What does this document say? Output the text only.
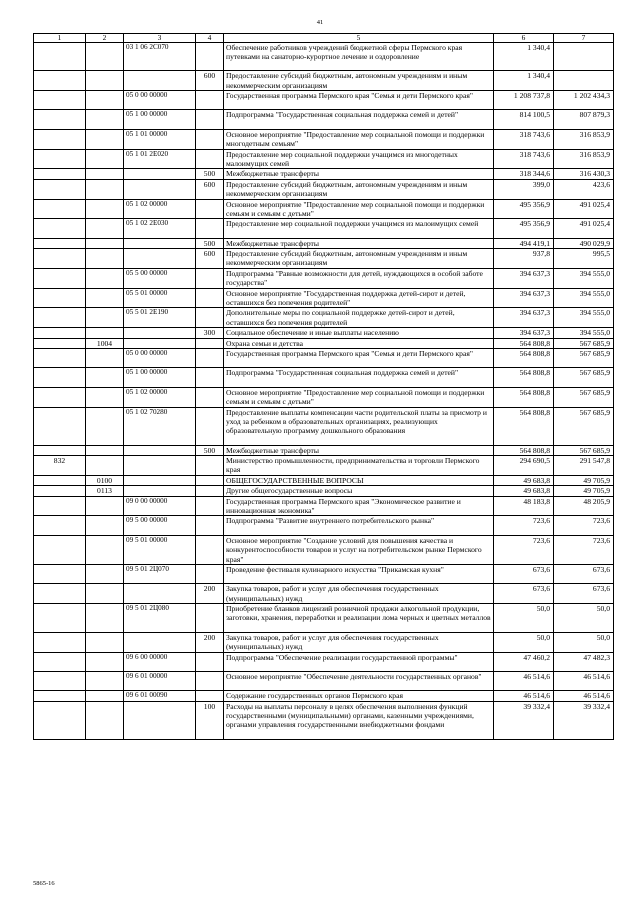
41
1	2	3	4	5	6	7
		03 1 06 2C070		Обеспечение работников учреждений бюджетной сферы Пермского края путевками на санаторно-курортное лечение и оздоровление	1 340,4	
			600	Предоставление субсидий бюджетным, автономным учреждениям и иным некоммерческим организациям	1 340,4	
		05 0 00 00000		Государственная программа Пермского края "Семья и дети Пермского края"	1 208 737,8	1 202 434,3
		05 1 00 00000		Подпрограмма "Государственная социальная поддержка семей и детей"	814 100,5	807 879,3
		05 1 01 00000		Основное мероприятие "Предоставление мер социальной помощи и поддержки многодетным семьям"	318 743,6	316 853,9
		05 1 01 2E020		Предоставление мер социальной поддержки учащимся из многодетных малоимущих семей	318 743,6	316 853,9
			500	Межбюджетные трансферты	318 344,6	316 430,3
			600	Предоставление субсидий бюджетным, автономным учреждениям и иным некоммерческим организациям	399,0	423,6
		05 1 02 00000		Основное мероприятие "Предоставление мер социальной помощи и поддержки семьям и семьям с детьми"	495 356,9	491 025,4
		05 1 02 2E030		Предоставление мер социальной поддержки учащимся из малоимущих семей	495 356,9	491 025,4
			500	Межбюджетные трансферты	494 419,1	490 029,9
			600	Предоставление субсидий бюджетным, автономным учреждениям и иным некоммерческим организациям	937,8	995,5
		05 5 00 00000		Подпрограмма "Равные возможности для детей, нуждающихся в особой заботе государства"	394 637,3	394 555,0
		05 5 01 00000		Основное мероприятие "Государственная поддержка детей-сирот и детей, оставшихся без попечения родителей"	394 637,3	394 555,0
		05 5 01 2E190		Дополнительные меры по социальной поддержке детей-сирот и детей, оставшихся без попечения родителей	394 637,3	394 555,0
			300	Социальное обеспечение и иные выплаты населению	394 637,3	394 555,0
	1004			Охрана семьи и детства	564 808,8	567 685,9
		05 0 00 00000		Государственная программа Пермского края "Семья и дети Пермского края"	564 808,8	567 685,9
		05 1 00 00000		Подпрограмма "Государственная социальная поддержка семей и детей"	564 808,8	567 685,9
		05 1 02 00000		Основное мероприятие "Предоставление мер социальной помощи и поддержки семьям и семьям с детьми"	564 808,8	567 685,9
		05 1 02 70280		Предоставление выплаты компенсации части родительской платы за присмотр и уход за ребенком в образовательных организациях, реализующих образовательную программу дошкольного образования	564 808,8	567 685,9
			500	Межбюджетные трансферты	564 808,8	567 685,9
832				Министерство промышленности, предпринимательства и торговли Пермского края	294 690,5	291 547,8
	0100			ОБЩЕГОСУДАРСТВЕННЫЕ ВОПРОСЫ	49 683,8	49 705,9
	0113			Другие общегосударственные вопросы	49 683,8	49 705,9
		09 0 00 00000		Государственная программа Пермского края "Экономическое развитие и инновационная экономика"	48 183,8	48 205,9
		09 5 00 00000		Подпрограмма "Развитие внутреннего потребительского рынка"	723,6	723,6
		09 5 01 00000		Основное мероприятие "Создание условий для повышения качества и конкурентоспособности товаров и услуг на потребительском рынке Пермского края"	723,6	723,6
		09 5 01 2Ц070		Проведение фестиваля кулинарного искусства "Прикамская кухня"	673,6	673,6
			200	Закупка товаров, работ и услуг для обеспечения государственных (муниципальных) нужд	673,6	673,6
		09 5 01 2Ц080		Приобретение бланков лицензий розничной продажи алкогольной продукции, заготовки, хранения, переработки и реализации лома черных и цветных металлов	50,0	50,0
			200	Закупка товаров, работ и услуг для обеспечения государственных (муниципальных) нужд	50,0	50,0
		09 6 00 00000		Подпрограмма "Обеспечение реализации государственной программы"	47 460,2	47 482,3
		09 6 01 00000		Основное мероприятие "Обеспечение деятельности государственных органов"	46 514,6	46 514,6
		09 6 01 00090		Содержание государственных органов Пермского края	46 514,6	46 514,6
			100	Расходы на выплаты персоналу в целях обеспечения выполнения функций государственными (муниципальными) органами, казенными учреждениями, органами управления государственными внебюджетными фондами	39 332,4	39 332,4
5865-16
